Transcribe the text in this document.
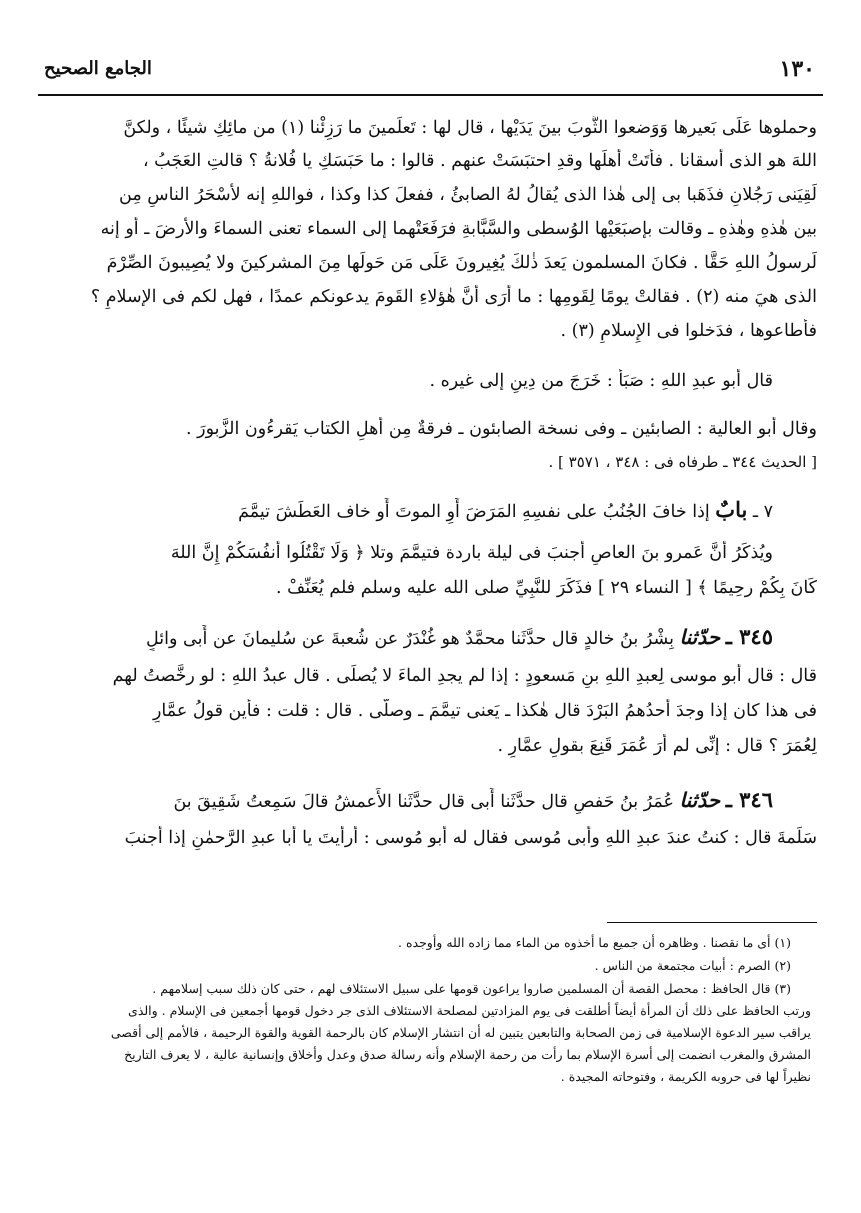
١٣٠
الجامع الصحيح
وحملوها عَلَى بَعيرها وَوَضعوا الثَّوبَ بينَ يَدَيْها ، قال لها : تَعلَمينَ ما رَزِئْنا (١) من مائِكِ شيئًا ، ولكنَّ
اللهَ هو الذى أَسقانا . فأَتَتْ أهلَها وقدِ احتبَسَتْ عنهم . قالوا : ما حَبَسَكِ يا فُلانةُ ؟ قالتِ العَجَبُ ،
لَقِيَنى رَجُلانِ فذَهَبا بى إلى هٰذا الذى يُقالُ لهُ الصابئُ ، ففعلَ كذا وكذا ، فواللهِ إنه لأَسْحَرُ الناسِ مِن
بين هٰذهِ وهٰذهِ ـ وقالت بإصبَعَيْها الوُسطى والسَّبَّابةِ فرَفَعَتْهما إلى السماء تعنى السماءَ والأَرضَ ـ أو إنه
لَرسولُ اللهِ حَقًّا . فكانَ المسلمون يَعدَ ذٰلكَ يُغِيرونَ عَلَى مَن حَولَها مِنَ المشركينَ ولا يُصِيبونَ الصِّرْمَ
الذى هيَ منه (٢) . فقالتْ يومًا لِقَومِها : ما أَرَى أَنَّ هٰؤلاءِ القَومَ يدعونكم عمدًا ، فهل لكم فى الإسلامِ ؟
فأَطاعوها ، فدَخلوا فى الإِسلامِ (٣) .
قال أَبو عبدِ اللهِ : صَبَأَ : خَرَجَ من دِينٍ إلى غيره .
وقال أَبو العالية : الصابئين ـ وفى نسخة الصابئون ـ فرقةٌ مِن أَهلِ الكتاب يَقرءُون الزَّبورَ .
[ الحديث ٣٤٤ ـ طرفاه فى : ٣٤٨ ، ٣٥٧١ ] .
٧ ـ بابٌ إذا خافَ الجُنُبُ على نفسِهِ المَرَضَ أَوِ الموتَ أَو خاف العَطَشَ تيمَّمَ
ويُذكَرُ أَنَّ عَمرو بنَ العاصِ أَجنبَ فى ليلة باردة فتيمَّمَ وتلا ﴿ وَلَا تَقْتُلُوا أَنفُسَكُمْ إِنَّ اللهَ
كَانَ بِكُمْ رحِيمًا ﴾ [ النساء ٢٩ ] فذَكَرَ للنَّبِيِّ صلى الله عليه وسلم فلم يُعَنِّفْ .
٣٤٥ ـ حدّثنا بِشْرُ بنُ خالدٍ قال حدَّثَنا محمَّدٌ هو غُنْدَرٌ عن شُعبةَ عن سُليمانَ عن أَبى وائلٍ
قال : قال أَبو موسى لِعبدِ اللهِ بنِ مَسعودٍ : إذا لم يجدِ الماءَ لا يُصلِّى . قال عبدُ اللهِ : لو رخَّصتُ لهم
فى هذا كان إذا وجدَ أَحدُهمُ البَرْدَ قال هٰكذا ـ يَعنى تيمَّمَ ـ وصلَّى . قال : قلت : فأَين قولُ عمَّارٍ
لِعُمَرَ ؟ قال : إنِّى لم أَرَ عُمَرَ قَنِعَ بقولِ عمَّارٍ .
٣٤٦ ـ حدّثنا عُمَرُ بنُ حَفصٍ قال حدَّثَنا أَبى قال حدَّثَنا الأَعمشُ قالَ سَمِعتُ شَقِيقَ بنَ
سَلَمةَ قال : كنتُ عندَ عبدِ اللهِ وأَبى مُوسى فقال له أَبو مُوسى : أَرأَيتَ يا أَبا عبدِ الرَّحمٰنِ إذا أَجنبَ
(١) أى ما نقصنا . وظاهره أن جميع ما أخذوه من الماء مما زاده الله وأوجده .
(٢) الصرم : أبيات مجتمعة من الناس .
(٣) قال الحافظ : محصل القصة أن المسلمين صاروا يراعون قومها على سبيل الاستئلاف لهم ، حتى كان ذلك سبب إسلامهم .
ورتب الحافظ على ذلك أن المرأة أيضاً أطلقت فى يوم المزادتين لمصلحة الاستئلاف الذى جر دخول قومها أجمعين فى الإسلام . والذى
يراقب سير الدعوة الإسلامية فى زمن الصحابة والتابعين يتبين له أن انتشار الإسلام كان بالرحمة القوية والقوة الرحيمة ، فالأمم إلى أقصى
المشرق والمغرب انضمت إلى أسرة الإسلام بما رأت من رحمة الإسلام وأنه رسالة صدق وعدل وأخلاق وإنسانية عالية ، لا يعرف التاريخ
نظيراً لها فى حروبه الكريمة ، وفتوحاته المجيدة .
